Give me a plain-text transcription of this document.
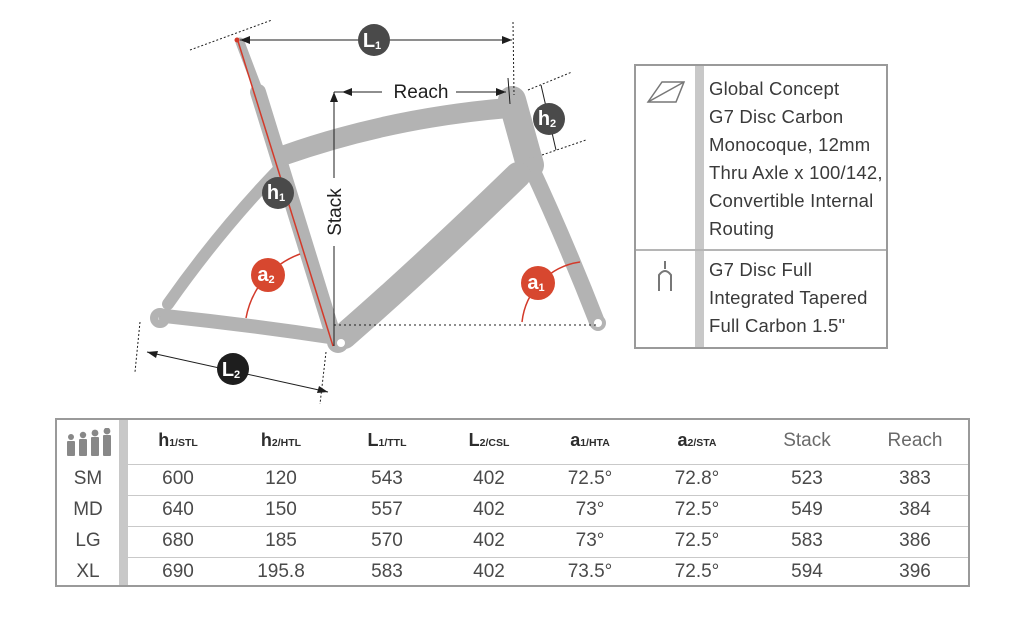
Reach
Stack
L1
h1
h2
L2
a2	a1
Global Concept
G7 Disc Carbon
Monocoque, 12mm
Thru Axle x 100/142,
Convertible Internal
Routing
G7 Disc Full
Integrated Tapered
Full Carbon 1.5"
h1/STL	h2/HTL	L1/TTL	L2/CSL	a1/HTA	a2/STA	Stack	Reach
SM	600	120	543	402	72.5°	72.8°	523	383
MD	640	150	557	402	73°	72.5°	549	384
LG	680	185	570	402	73°	72.5°	583	386
XL	690	195.8	583	402	73.5°	72.5°	594	396
